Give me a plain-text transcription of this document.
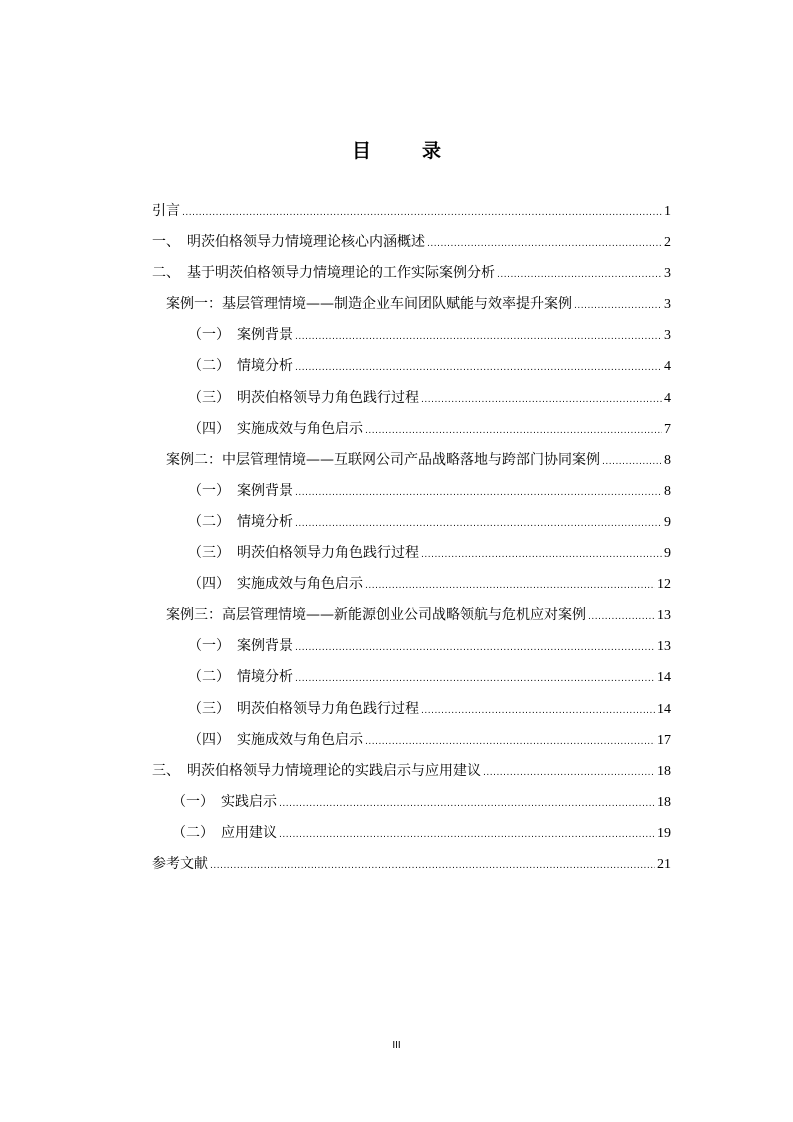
目　录
引言 .....	1
一、　明茨伯格领导力情境理论核心内涵概述 .....	2
二、　基于明茨伯格领导力情境理论的工作实际案例分析 .....	3
案例一：基层管理情境——制造企业车间团队赋能与效率提升案例 .....	3
（一）　案例背景 .....	3
（二）　情境分析 .....	4
（三）　明茨伯格领导力角色践行过程 .....	4
（四）　实施成效与角色启示 .....	7
案例二：中层管理情境——互联网公司产品战略落地与跨部门协同案例 .....	8
（一）　案例背景 .....	8
（二）　情境分析 .....	9
（三）　明茨伯格领导力角色践行过程 .....	9
（四）　实施成效与角色启示 .....	12
案例三：高层管理情境——新能源创业公司战略领航与危机应对案例 .....	13
（一）　案例背景 .....	13
（二）　情境分析 .....	14
（三）　明茨伯格领导力角色践行过程 .....	14
（四）　实施成效与角色启示 .....	17
三、　明茨伯格领导力情境理论的实践启示与应用建议 .....	18
（一）　实践启示 .....	18
（二）　应用建议 .....	19
参考文献 .....	21
III
